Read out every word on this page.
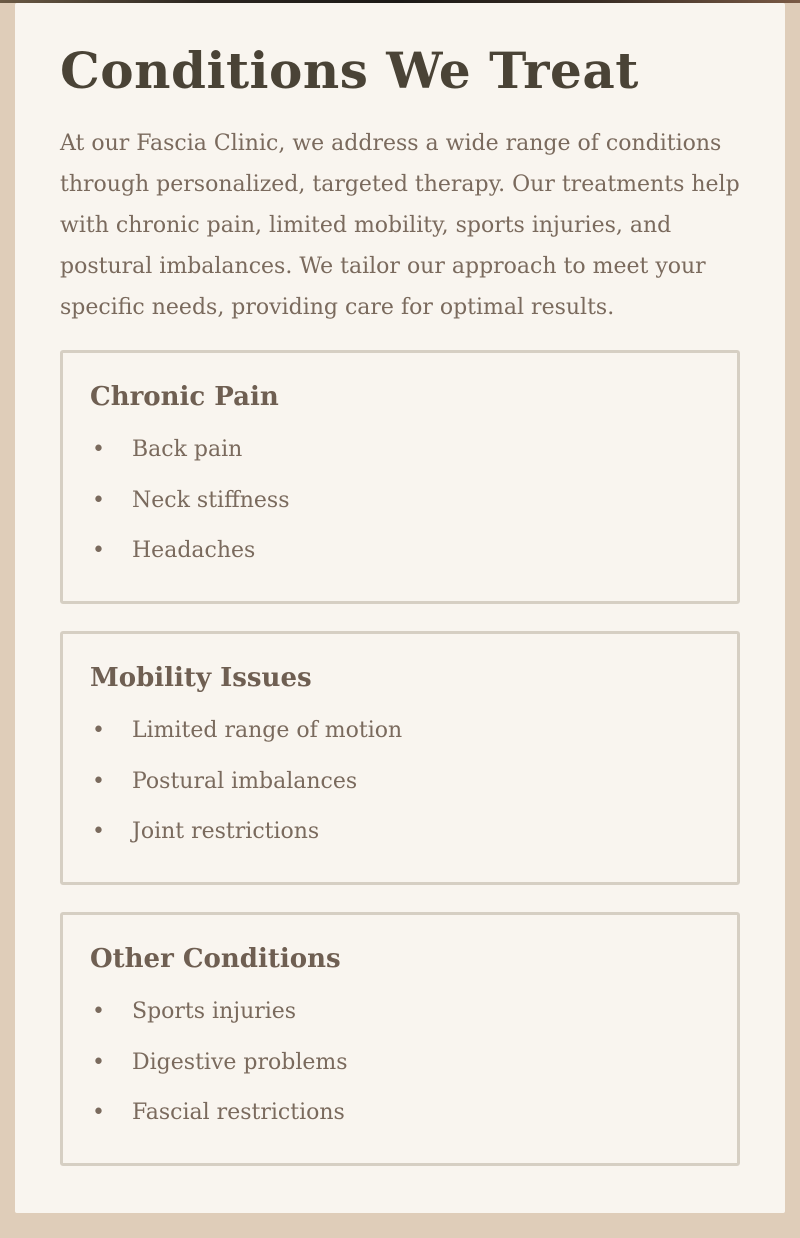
Conditions We Treat

At our Fascia Clinic, we address a wide range of conditions through personalized, targeted therapy. Our treatments help with chronic pain, limited mobility, sports injuries, and postural imbalances. We tailor our approach to meet your specific needs, providing care for optimal results.

Chronic Pain
• Back pain
• Neck stiffness
• Headaches
Mobility Issues
• Limited range of motion
• Postural imbalances
• Joint restrictions
Other Conditions
• Sports injuries
• Digestive problems
• Fascial restrictions
